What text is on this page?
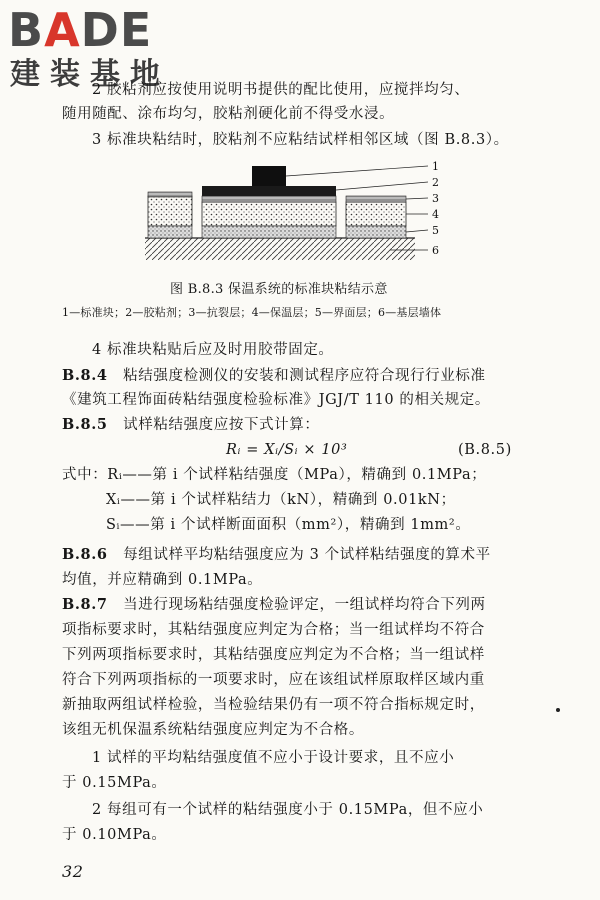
BADE
建装基地
2 胶粘剂应按使用说明书提供的配比使用，应搅拌均匀、
随用随配、涂布均匀，胶粘剂硬化前不得受水浸。
3 标准块粘结时，胶粘剂不应粘结试样相邻区域（图 B.8.3）。
1
2
3
4
5
6
图 B.8.3 保温系统的标准块粘结示意
1—标准块；2—胶粘剂；3—抗裂层；4—保温层；5—界面层；6—基层墙体
4 标准块粘贴后应及时用胶带固定。
B.8.4 粘结强度检测仪的安装和测试程序应符合现行行业标准
《建筑工程饰面砖粘结强度检验标准》JGJ/T 110 的相关规定。
B.8.5 试样粘结强度应按下式计算：
Rᵢ = Xᵢ/Sᵢ × 10³	(B.8.5)
式中：Rᵢ——第 i 个试样粘结强度（MPa），精确到 0.1MPa；
Xᵢ——第 i 个试样粘结力（kN），精确到 0.01kN；
Sᵢ——第 i 个试样断面面积（mm²），精确到 1mm²。
B.8.6 每组试样平均粘结强度应为 3 个试样粘结强度的算术平
均值，并应精确到 0.1MPa。
B.8.7 当进行现场粘结强度检验评定，一组试样均符合下列两
项指标要求时，其粘结强度应判定为合格；当一组试样均不符合
下列两项指标要求时，其粘结强度应判定为不合格；当一组试样
符合下列两项指标的一项要求时，应在该组试样原取样区域内重
新抽取两组试样检验，当检验结果仍有一项不符合指标规定时，
该组无机保温系统粘结强度应判定为不合格。
1 试样的平均粘结强度值不应小于设计要求，且不应小
于 0.15MPa。
2 每组可有一个试样的粘结强度小于 0.15MPa，但不应小
于 0.10MPa。
32
